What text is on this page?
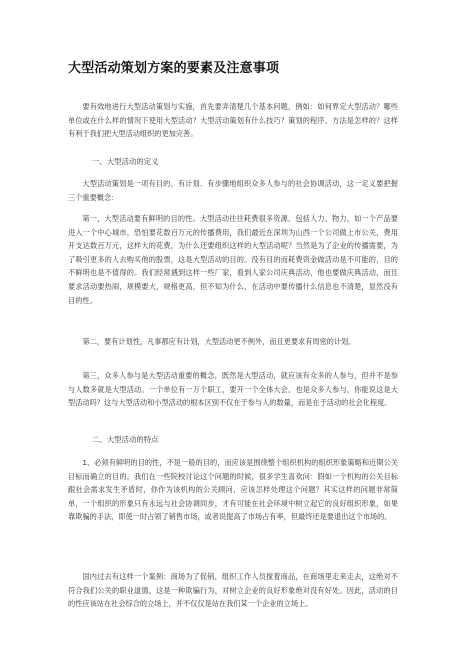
大型活动策划方案的要素及注意事项
要有效地进行大型活动策划与实施，首先要弄清楚几个基本问题，例如：如何界定大型活动？哪些单位或在什么样的情况下使用大型活动？大型活动策划有什么技巧？策划的程序、方法是怎样的？这样有利于我们把大型活动组织的更加完善。
一、大型活动的定义
大型活动策划是一项有目的、有计划、有步骤地组织众多人参与的社会协调活动，这一定义要把握三个重要概念：
第一，大型活动要有鲜明的目的性。大型活动往往耗费很多资源，包括人力、物力，如一个产品要进入一个中心城市，恐怕要花数百万元的传播费用，我们最近在深圳为山西一个公司做上市公关，费用开支达数百万元，这样大的花费，为什么还要组织这样的大型活动呢？当然是为了企业的传播需要，为了吸引更多的人去购买他的股票，这是大型活动的目的。没有目的而耗费资金做活动是不可能的，目的不鲜明也是不值得的。我们经常遇到这样一些厂家，看到人家公司庆典活动，他也要做庆典活动，而且要求活动要热闹，规模要大，规格更高，但不知为什么，在活动中要传播什么信息也不清楚，显然没有目的性。
第二，要有计划性，凡事都应有计划，大型活动更不例外，而且更要求有周密的计划。
第三，众多人参与是大型活动重要的概念，既然是大型活动，就应该有众多的人参与，但并不是参与人数多就是大型活动。一个单位有一万个职工，要开一个全体大会，也是众多人参与，你能说这是大型活动吗？这与大型活动和小型活动的根本区别不仅在于参与人的数量，而是在于活动的社会化程度。
二、大型活动的特点
1、必须有鲜明的目的性，不是一般的目的，而应该是围绕整个组织机构的组织形象策略和近期公关目标而确立的目的。我们在一些院校讨论这个问题的时候，很多学生喜欢问：假如一个机构的公关目标跟社会需求发生矛盾时，你作为该机构的公关顾问，应该怎样处理这个问题？其实这样的问题非常简单，一个组织的形象只有永远与社会协调同步，才有可能在社会环境中树立起它的良好组织形象，如果靠欺骗的手法，即使一时占领了销售市场，或者说提高了市场占有率，但最终还是要退出这个市场的。
国内过去有这样一个案例：商场为了促销，组织工作人员搅着商品，在商场里走来走去，这绝对不符合我们公关的职业道德，这是一种欺骗行为，对树立企业的良好形象绝对没有好处。因此，活动的目的性应该站在社会综合的立场上，并不仅仅是站在我们某一个企业的立场上。
